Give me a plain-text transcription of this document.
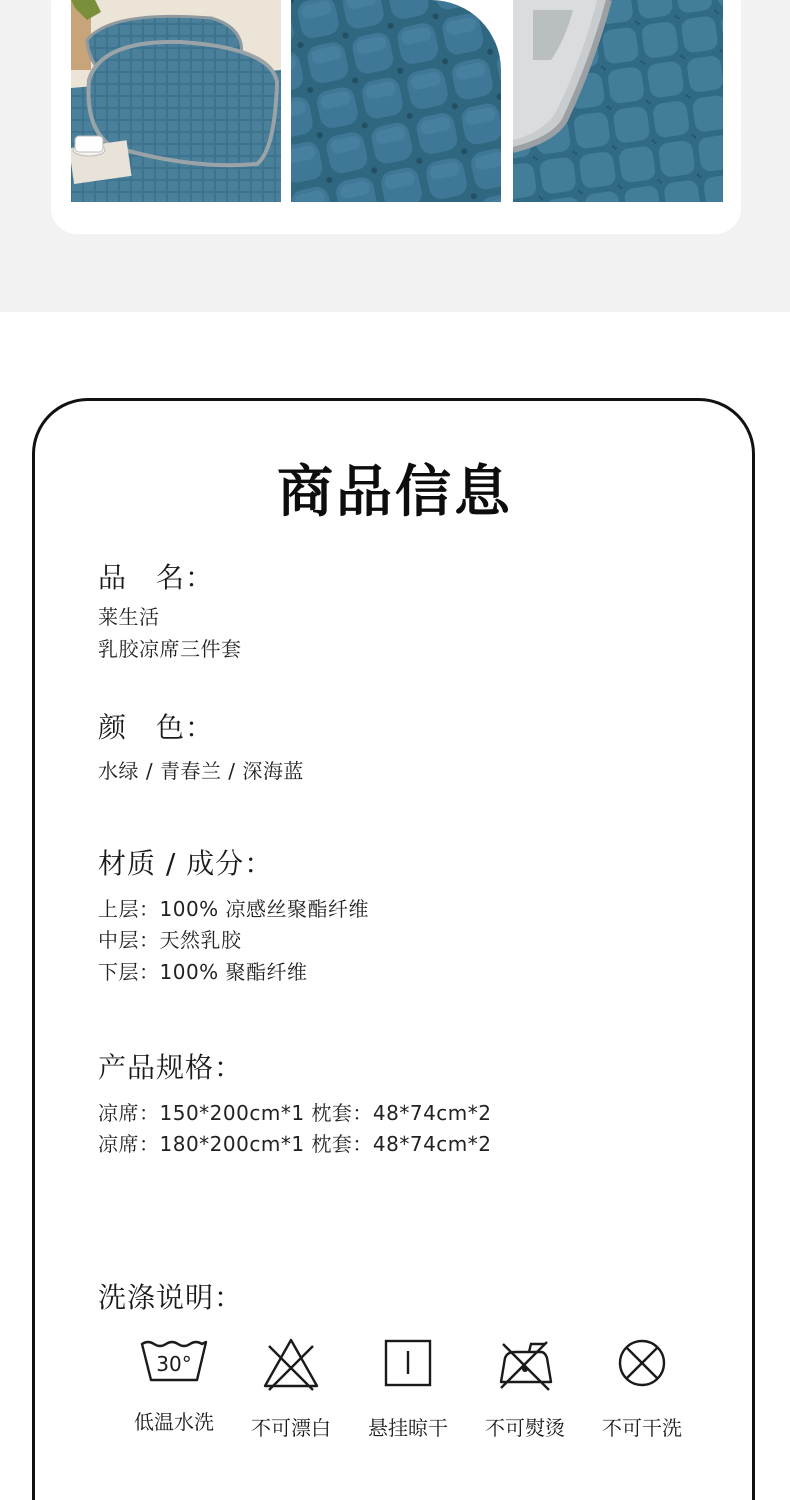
商品信息
品　名：
莱生活
乳胶凉席三件套
颜　色：
水绿 / 青春兰 / 深海蓝
材质 / 成分：
上层：100% 凉感丝聚酯纤维
中层：天然乳胶
下层：100% 聚酯纤维
产品规格：
凉席：150*200cm*1 枕套：48*74cm*2
凉席：180*200cm*1 枕套：48*74cm*2
洗涤说明：
30°
低温水洗	不可漂白	悬挂晾干	不可熨烫	不可干洗
